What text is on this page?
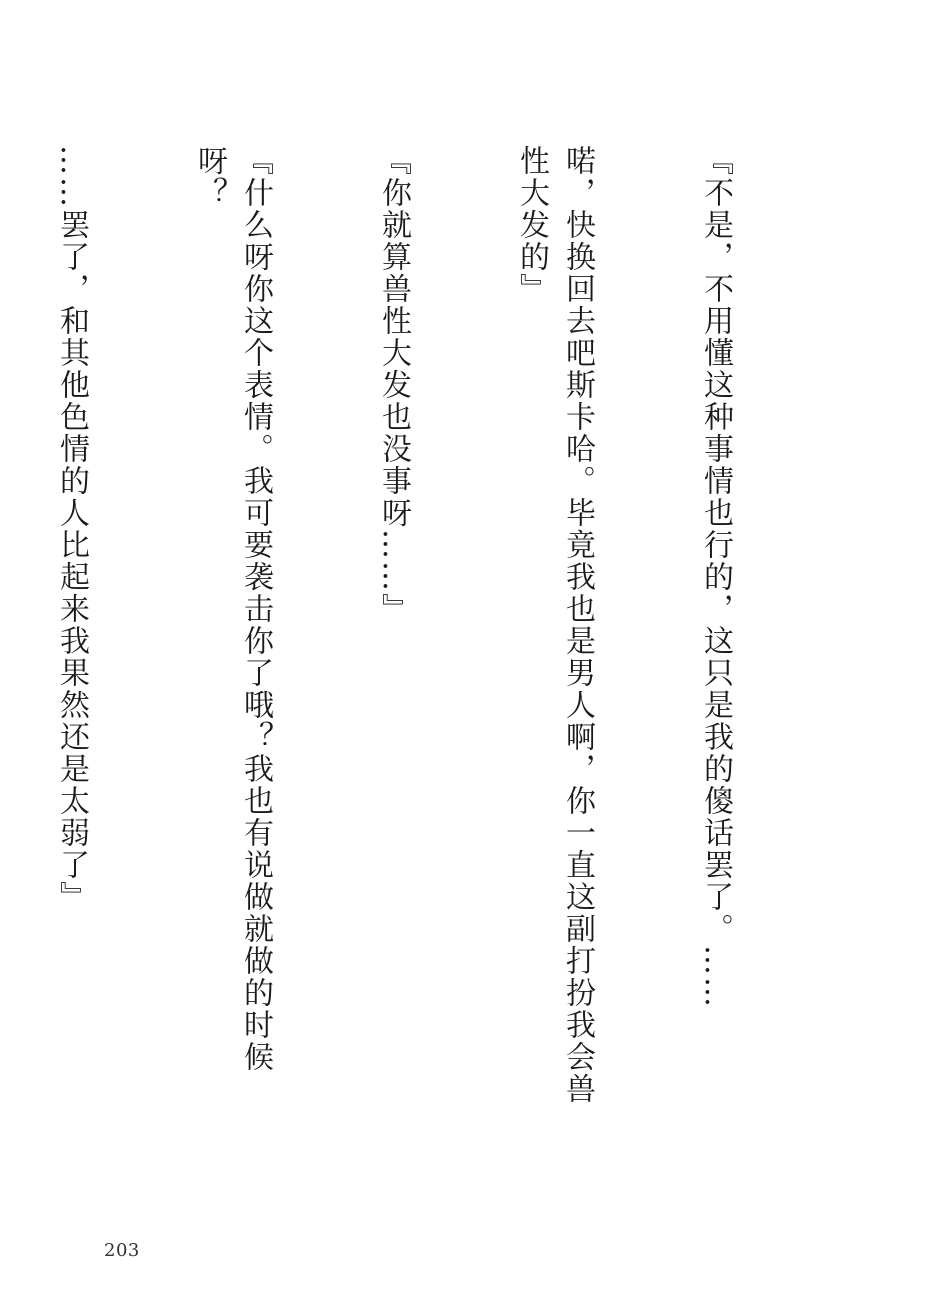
『不是，不用懂这种事情也行的，这只是我的傻话罢了。……

喏，快换回去吧斯卡哈。毕竟我也是男人啊，你一直这副打扮我会兽性大发的』

『你就算兽性大发也没事呀……』

『什么呀你这个表情。我可要袭击你了哦？我也有说做就做的时候呀？

……罢了，和其他色情的人比起来我果然还是太弱了』

203
